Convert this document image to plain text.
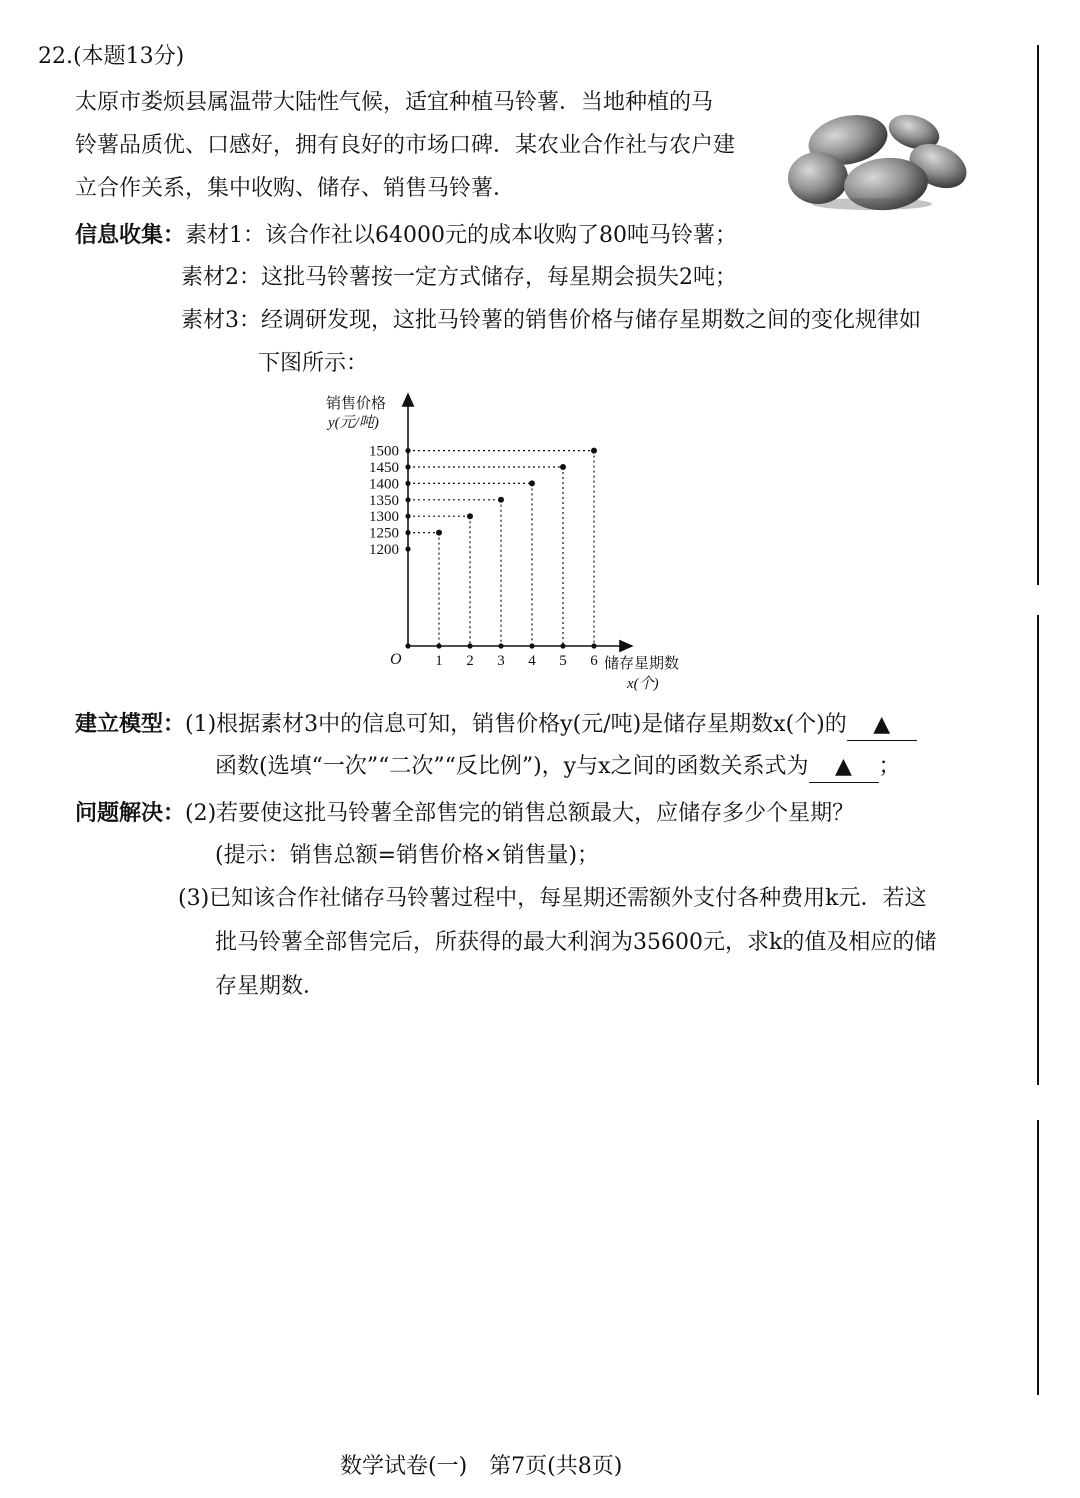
22.(本题13分)
太原市娄烦县属温带大陆性气候，适宜种植马铃薯．当地种植的马
铃薯品质优、口感好，拥有良好的市场口碑．某农业合作社与农户建
立合作关系，集中收购、储存、销售马铃薯．
信息收集：素材1：该合作社以64000元的成本收购了80吨马铃薯；
素材2：这批马铃薯按一定方式储存，每星期会损失2吨；
素材3：经调研发现，这批马铃薯的销售价格与储存星期数之间的变化规律如
下图所示：
销售价格
y(元/吨)
储存星期数
x(个)
O
1200
1250
1300
1350
1400
1450
1500
1 2 3 4 5 6
建立模型：(1)根据素材3中的信息可知，销售价格y(元/吨)是储存星期数x(个)的 ▲
函数(选填“一次”“二次”“反比例”)，y与x之间的函数关系式为 ▲ ；
问题解决：(2)若要使这批马铃薯全部售完的销售总额最大，应储存多少个星期？
(提示：销售总额=销售价格×销售量)；
(3)已知该合作社储存马铃薯过程中，每星期还需额外支付各种费用k元．若这
批马铃薯全部售完后，所获得的最大利润为35600元，求k的值及相应的储
存星期数．
数学试卷(一)　第7页(共8页)
